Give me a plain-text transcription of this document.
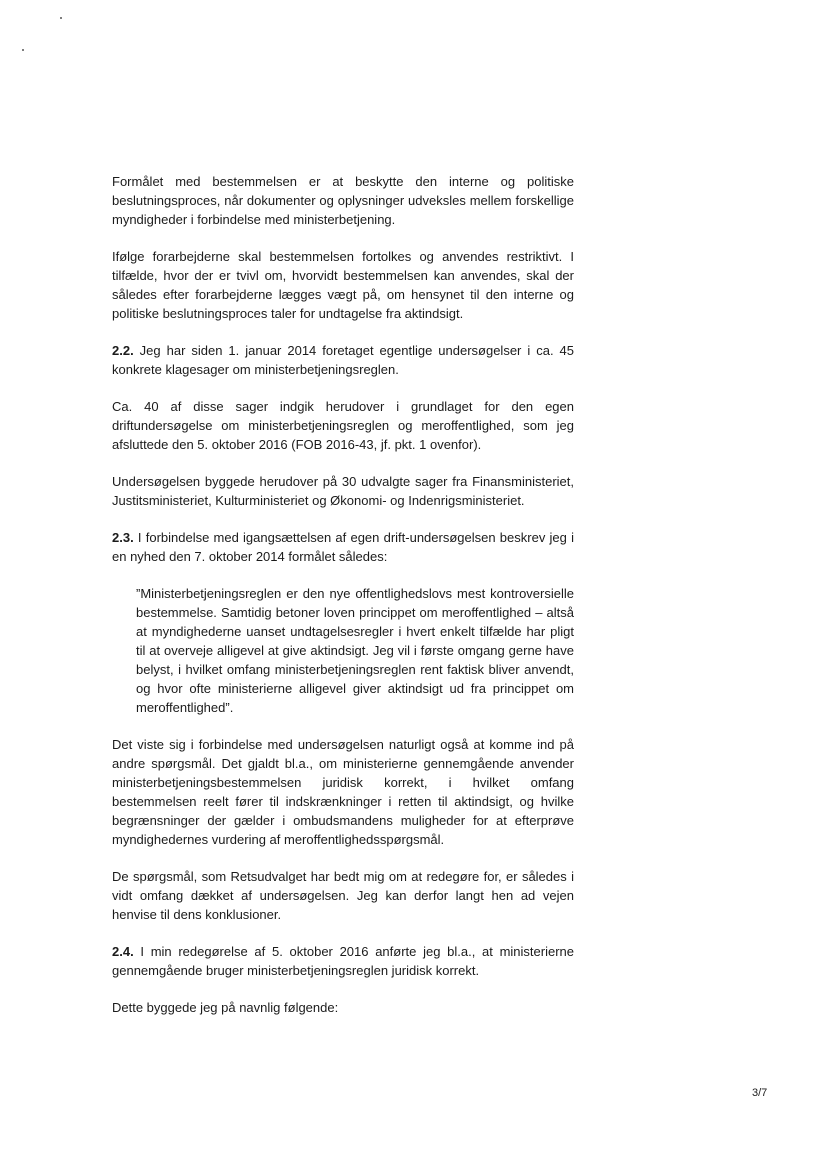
Formålet med bestemmelsen er at beskytte den interne og politiske beslutningsproces, når dokumenter og oplysninger udveksles mellem forskellige myndigheder i forbindelse med ministerbetjening.

Ifølge forarbejderne skal bestemmelsen fortolkes og anvendes restriktivt. I tilfælde, hvor der er tvivl om, hvorvidt bestemmelsen kan anvendes, skal der således efter forarbejderne lægges vægt på, om hensynet til den interne og politiske beslutningsproces taler for undtagelse fra aktindsigt.

2.2. Jeg har siden 1. januar 2014 foretaget egentlige undersøgelser i ca. 45 konkrete klagesager om ministerbetjeningsreglen.

Ca. 40 af disse sager indgik herudover i grundlaget for den egen driftundersøgelse om ministerbetjeningsreglen og meroffentlighed, som jeg afsluttede den 5. oktober 2016 (FOB 2016-43, jf. pkt. 1 ovenfor).

Undersøgelsen byggede herudover på 30 udvalgte sager fra Finansministeriet, Justitsministeriet, Kulturministeriet og Økonomi- og Indenrigsministeriet.

2.3. I forbindelse med igangsættelsen af egen drift-undersøgelsen beskrev jeg i en nyhed den 7. oktober 2014 formålet således:

”Ministerbetjeningsreglen er den nye offentlighedslovs mest kontroversielle bestemmelse. Samtidig betoner loven princippet om meroffentlighed – altså at myndighederne uanset undtagelsesregler i hvert enkelt tilfælde har pligt til at overveje alligevel at give aktindsigt. Jeg vil i første omgang gerne have belyst, i hvilket omfang ministerbetjeningsreglen rent faktisk bliver anvendt, og hvor ofte ministerierne alligevel giver aktindsigt ud fra princippet om meroffentlighed”.

Det viste sig i forbindelse med undersøgelsen naturligt også at komme ind på andre spørgsmål. Det gjaldt bl.a., om ministerierne gennemgående anvender ministerbetjeningsbestemmelsen juridisk korrekt, i hvilket omfang bestemmelsen reelt fører til indskrænkninger i retten til aktindsigt, og hvilke begrænsninger der gælder i ombudsmandens muligheder for at efterprøve myndighedernes vurdering af meroffentlighedsspørgsmål.

De spørgsmål, som Retsudvalget har bedt mig om at redegøre for, er således i vidt omfang dækket af undersøgelsen. Jeg kan derfor langt hen ad vejen henvise til dens konklusioner.

2.4. I min redegørelse af 5. oktober 2016 anførte jeg bl.a., at ministerierne gennemgående bruger ministerbetjeningsreglen juridisk korrekt.

Dette byggede jeg på navnlig følgende:

3/7
